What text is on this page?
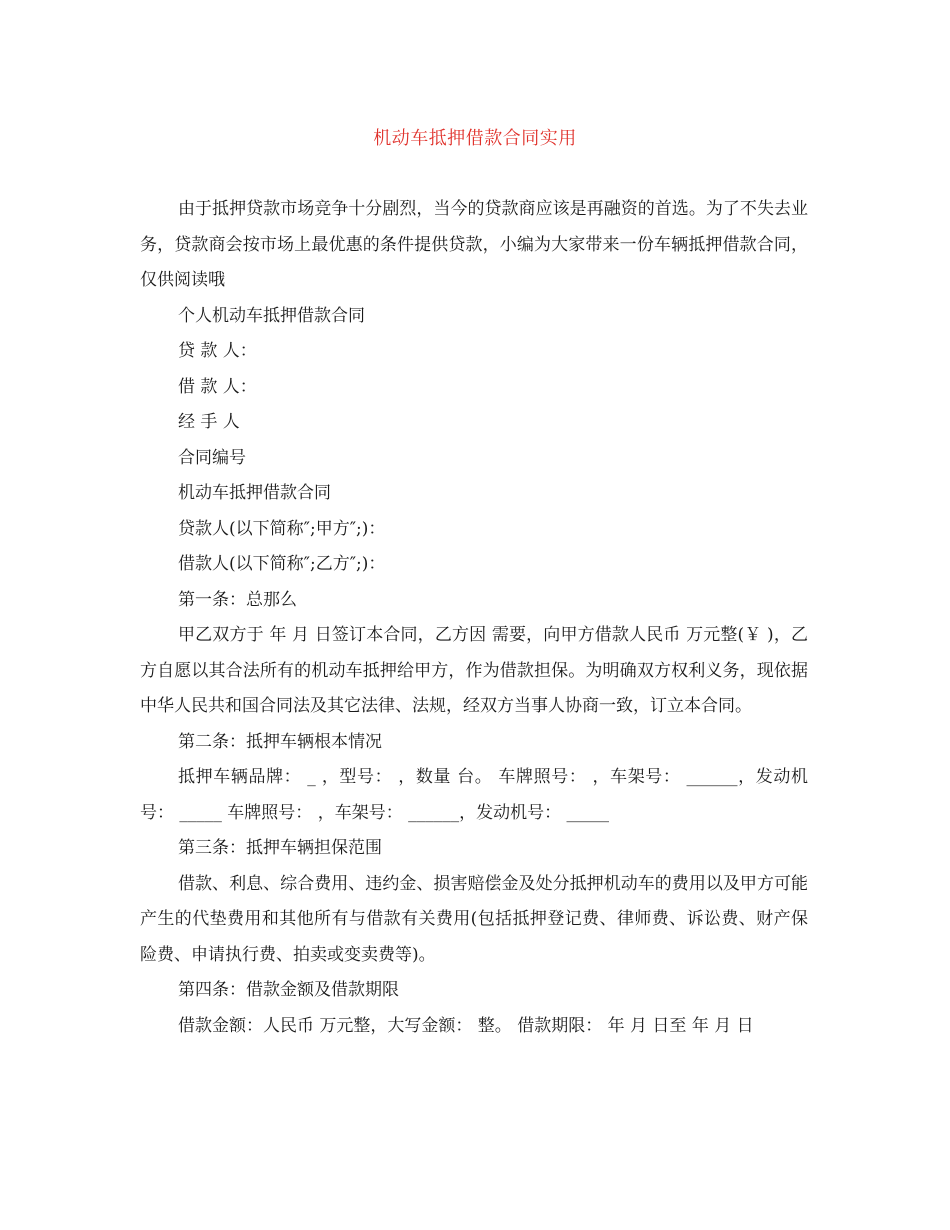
机动车抵押借款合同实用

由于抵押贷款市场竞争十分剧烈，当今的贷款商应该是再融资的首选。为了不失去业务，贷款商会按市场上最优惠的条件提供贷款，小编为大家带来一份车辆抵押借款合同，仅供阅读哦

个人机动车抵押借款合同

贷 款 人：

借 款 人：

经 手 人

合同编号

机动车抵押借款合同

贷款人(以下简称″;甲方″;)：

借款人(以下简称″;乙方″;)：

第一条：总那么

甲乙双方于 年 月 日签订本合同，乙方因 需要，向甲方借款人民币 万元整(￥ )，乙方自愿以其合法所有的机动车抵押给甲方，作为借款担保。为明确双方权利义务，现依据中华人民共和国合同法及其它法律、法规，经双方当事人协商一致，订立本合同。

第二条：抵押车辆根本情况

抵押车辆品牌： _ ，型号： ，数量 台。 车牌照号： ，车架号： ______，发动机号： _____ 车牌照号： ，车架号： ______，发动机号： _____

第三条：抵押车辆担保范围

借款、利息、综合费用、违约金、损害赔偿金及处分抵押机动车的费用以及甲方可能产生的代垫费用和其他所有与借款有关费用(包括抵押登记费、律师费、诉讼费、财产保险费、申请执行费、拍卖或变卖费等)。

第四条：借款金额及借款期限

借款金额：人民币 万元整，大写金额： 整。 借款期限： 年 月 日至 年 月 日
